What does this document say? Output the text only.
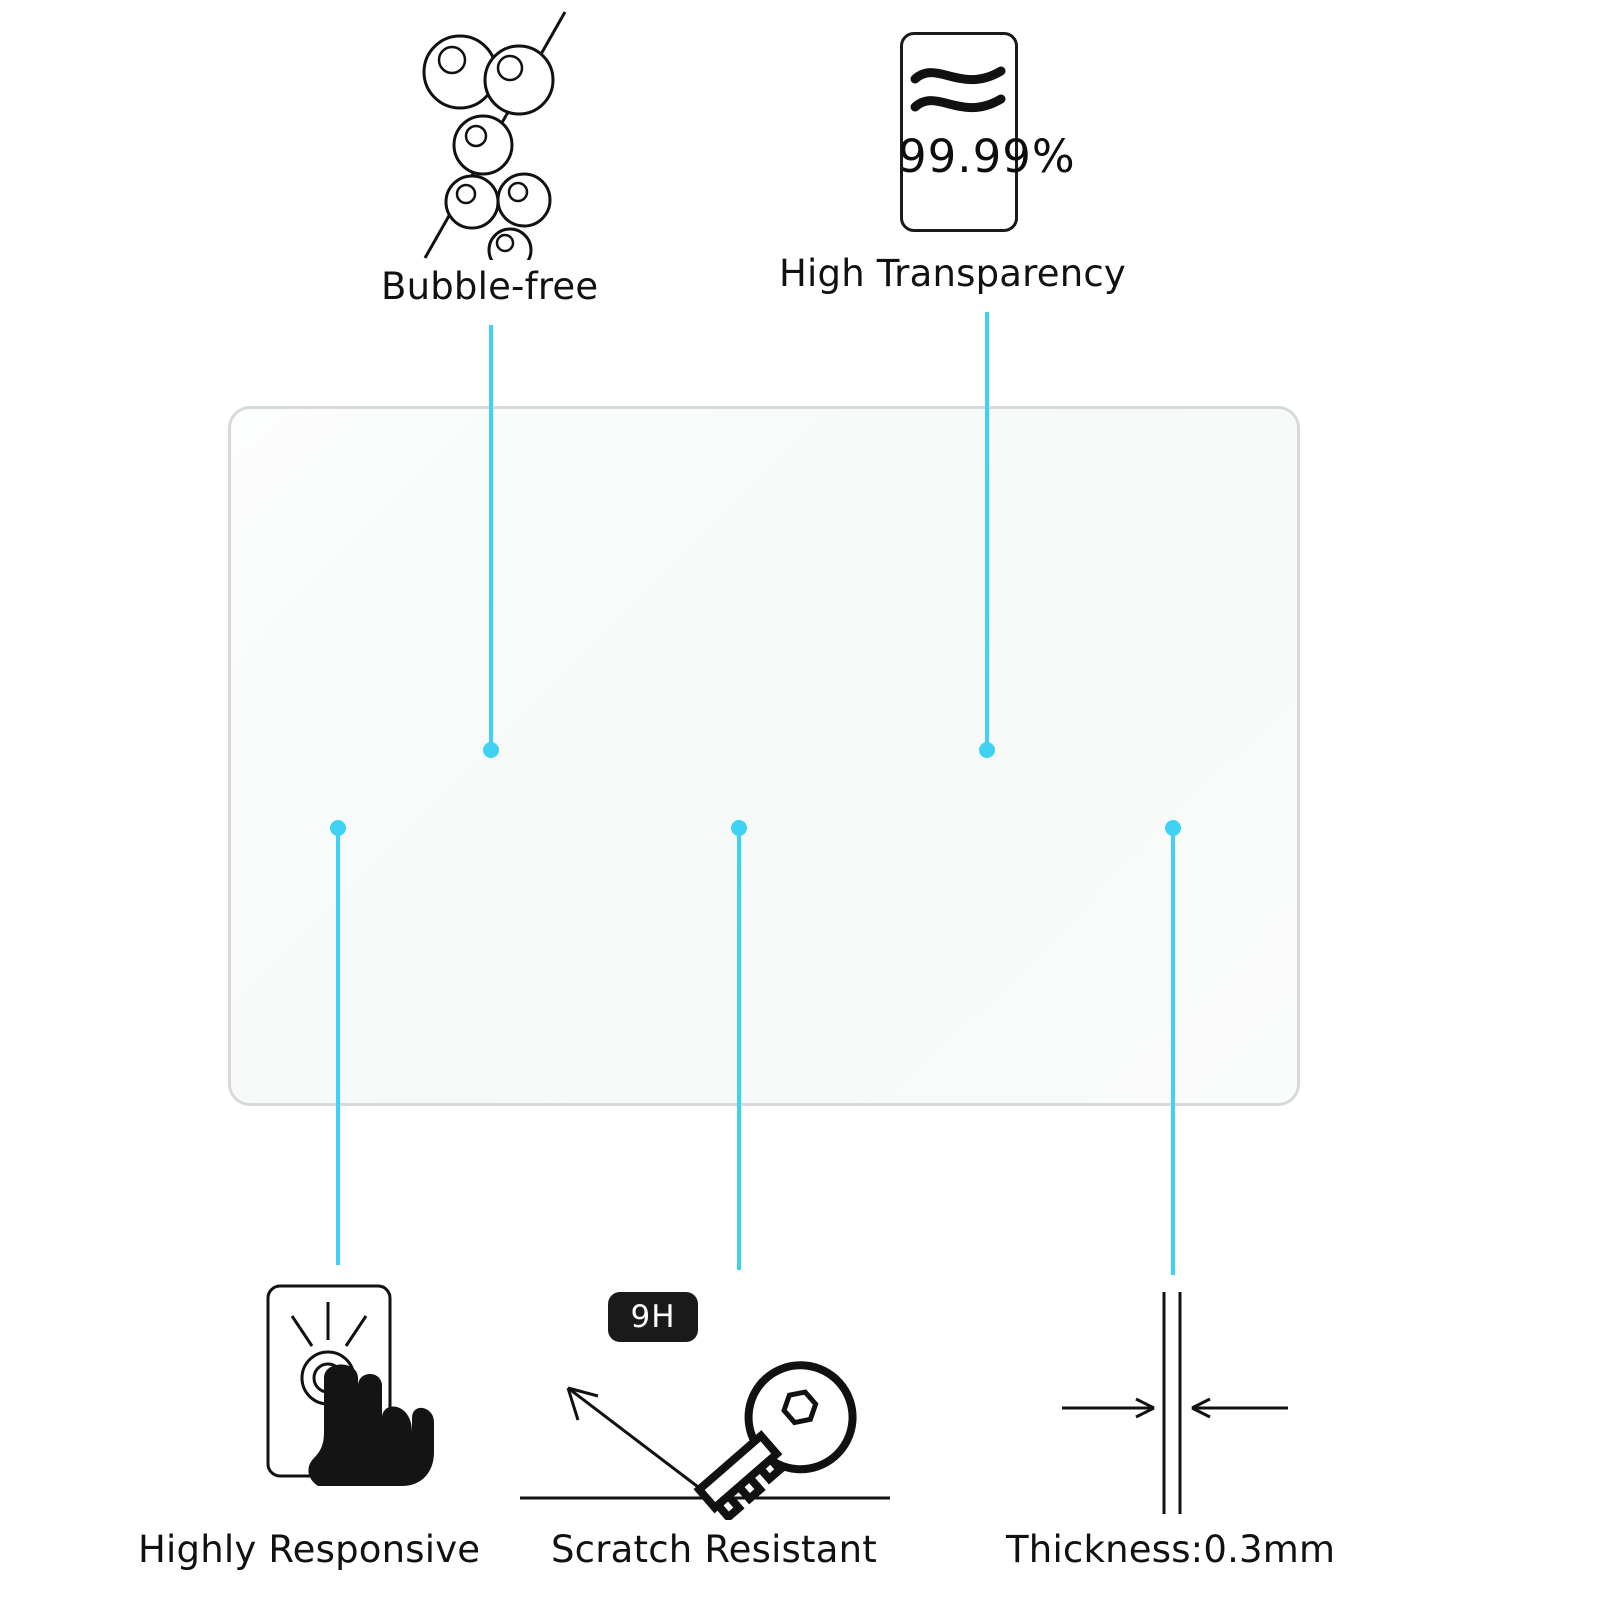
Bubble-free
99.99%
High Transparency
Highly Responsive
9H
Scratch Resistant	Thickness:0.3mm
